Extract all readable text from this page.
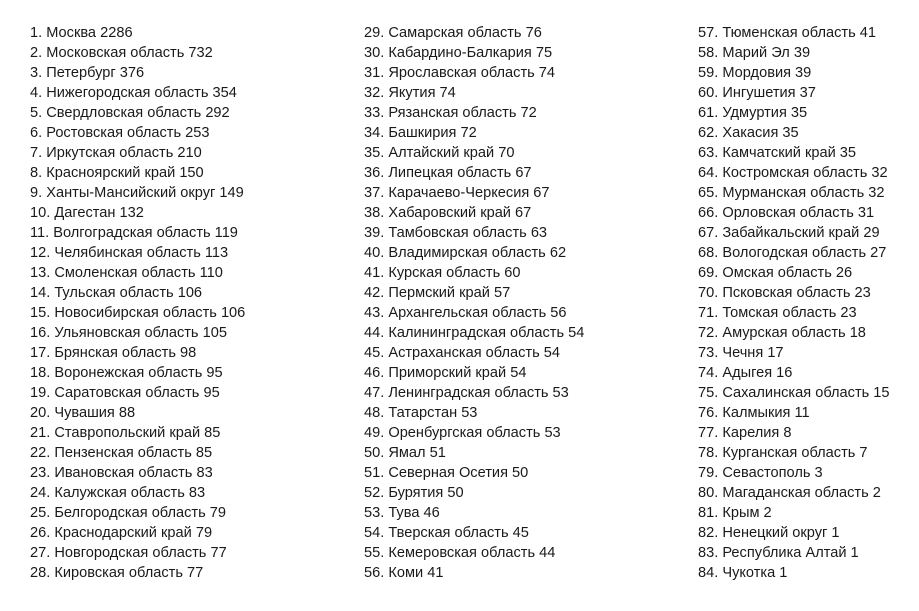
1. Москва 2286
2. Московская область 732
3. Петербург 376
4. Нижегородская область 354
5. Свердловская область 292
6. Ростовская область 253
7. Иркутская область 210
8. Красноярский край 150
9. Ханты-Мансийский округ 149
10. Дагестан 132
11. Волгоградская область 119
12. Челябинская область 113
13. Смоленская область 110
14. Тульская область 106
15. Новосибирская область 106
16. Ульяновская область 105
17. Брянская область 98
18. Воронежская область 95
19. Саратовская область 95
20. Чувашия 88
21. Ставропольский край 85
22. Пензенская область 85
23. Ивановская область 83
24. Калужская область 83
25. Белгородская область 79
26. Краснодарский край 79
27. Новгородская область 77
28. Кировская область 77
29. Самарская область 76
30. Кабардино-Балкария 75
31. Ярославская область 74
32. Якутия 74
33. Рязанская область 72
34. Башкирия 72
35. Алтайский край 70
36. Липецкая область 67
37. Карачаево-Черкесия 67
38. Хабаровский край 67
39. Тамбовская область 63
40. Владимирская область 62
41. Курская область 60
42. Пермский край 57
43. Архангельская область 56
44. Калининградская область 54
45. Астраханская область 54
46. Приморский край 54
47. Ленинградская область 53
48. Татарстан 53
49. Оренбургская область 53
50. Ямал 51
51. Северная Осетия 50
52. Бурятия 50
53. Тува 46
54. Тверская область 45
55. Кемеровская область 44
56. Коми 41
57. Тюменская область 41
58. Марий Эл 39
59. Мордовия 39
60. Ингушетия 37
61. Удмуртия 35
62. Хакасия 35
63. Камчатский край 35
64. Костромская область 32
65. Мурманская область 32
66. Орловская область 31
67. Забайкальский край 29
68. Вологодская область 27
69. Омская область 26
70. Псковская область 23
71. Томская область 23
72. Амурская область 18
73. Чечня 17
74. Адыгея 16
75. Сахалинская область 15
76. Калмыкия 11
77. Карелия 8
78. Курганская область 7
79. Севастополь 3
80. Магаданская область 2
81. Крым 2
82. Ненецкий округ 1
83. Республика Алтай 1
84. Чукотка 1
